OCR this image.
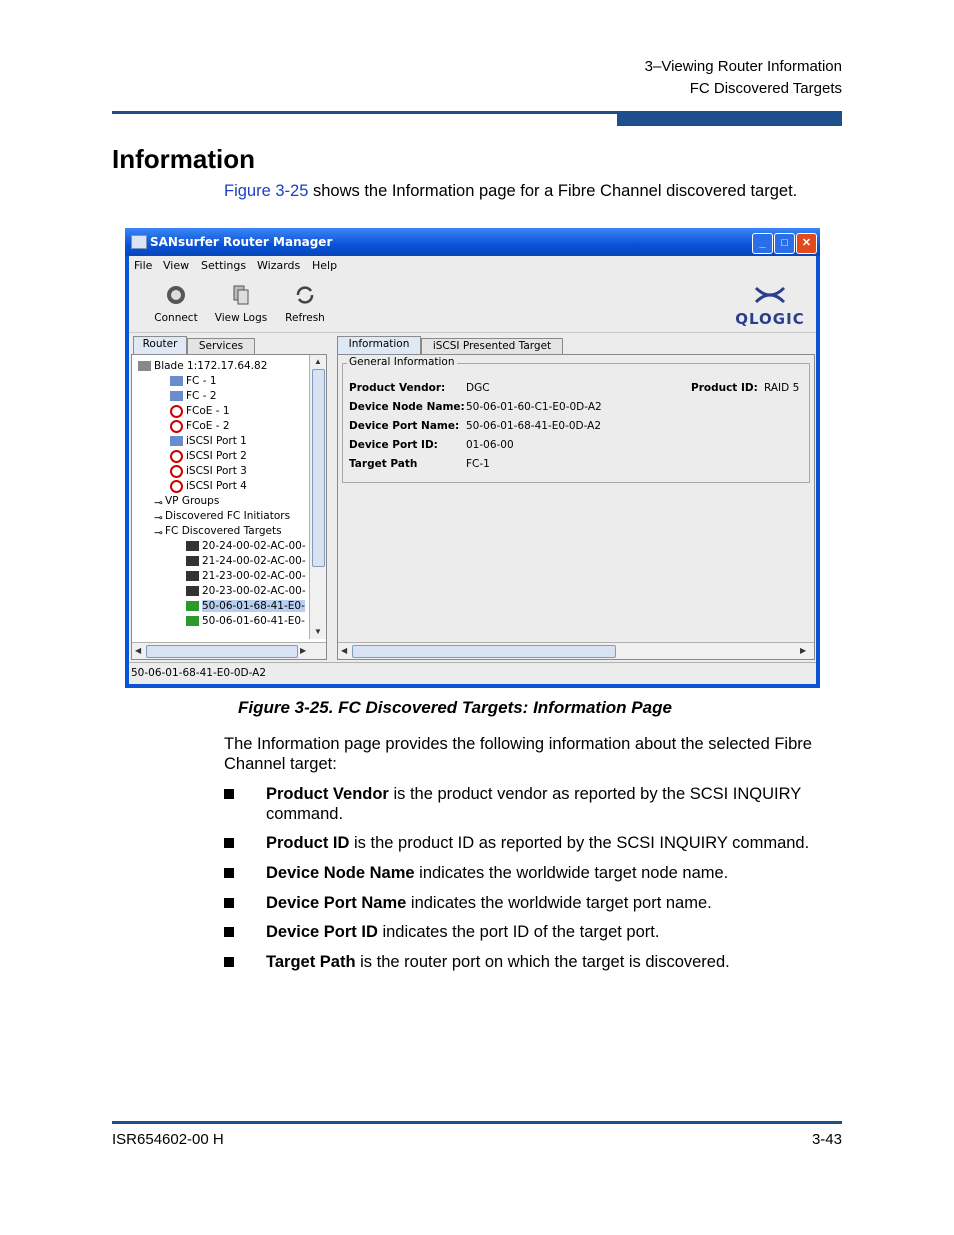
3–Viewing Router Information
FC Discovered Targets
Information
Figure 3-25 shows the Information page for a Fibre Channel discovered target.
SANsurfer Router Manager	_	□	✕
File View Settings Wizards Help
Connect	View Logs	Refresh	QLOGIC
Router	Services
Blade 1:172.17.64.82
FC - 1
FC - 2
FCoE - 1
FCoE - 2
iSCSI Port 1
iSCSI Port 2
iSCSI Port 3
iSCSI Port 4
⊸ VP Groups
⊸ Discovered FC Initiators
⊸ FC Discovered Targets
20-24-00-02-AC-00-
21-24-00-02-AC-00-
21-23-00-02-AC-00-
20-23-00-02-AC-00-
50-06-01-68-41-E0-
50-06-01-60-41-E0-
▲
▼
◀	▶
Information	iSCSI Presented Target
General Information
Product Vendor: DGC	Product ID: RAID 5
Device Node Name: 50-06-01-60-C1-E0-0D-A2
Device Port Name: 50-06-01-68-41-E0-0D-A2
Device Port ID:	01-06-00
Target Path	FC-1
◀	▶
50-06-01-68-41-E0-0D-A2
Figure 3-25. FC Discovered Targets: Information Page
The Information page provides the following information about the selected Fibre Channel target:
Product Vendor is the product vendor as reported by the SCSI INQUIRY command.
Product ID is the product ID as reported by the SCSI INQUIRY command.
Device Node Name indicates the worldwide target node name.
Device Port Name indicates the worldwide target port name.
Device Port ID indicates the port ID of the target port.
Target Path is the router port on which the target is discovered.
ISR654602-00 H	3-43
